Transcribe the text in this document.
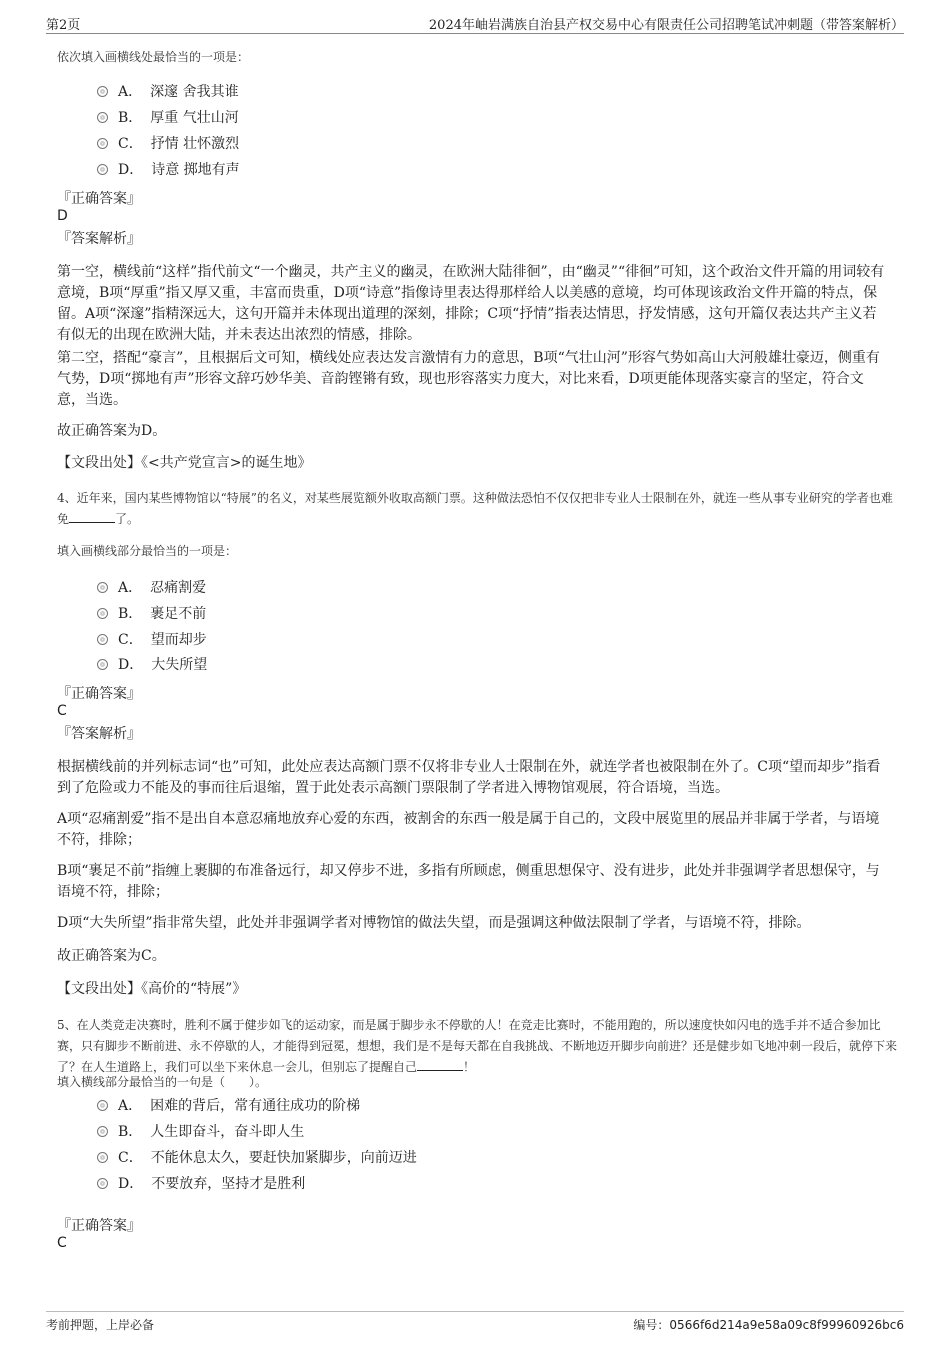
第2页	2024年岫岩满族自治县产权交易中心有限责任公司招聘笔试冲刺题（带答案解析）
依次填入画横线处最恰当的一项是：
A． 深邃 舍我其谁
B． 厚重 气壮山河
C． 抒情 壮怀激烈
D． 诗意 掷地有声
『正确答案』
D
『答案解析』
第一空，横线前“这样”指代前文“一个幽灵，共产主义的幽灵，在欧洲大陆徘徊”，由“幽灵”“徘徊”可知，这个政治文件开篇的用词较有意境，B项“厚重”指又厚又重，丰富而贵重，D项“诗意”指像诗里表达得那样给人以美感的意境，均可体现该政治文件开篇的特点，保留。A项“深邃”指精深远大，这句开篇并未体现出道理的深刻，排除；C项“抒情”指表达情思，抒发情感，这句开篇仅表达共产主义若有似无的出现在欧洲大陆，并未表达出浓烈的情感，排除。
第二空，搭配“豪言”，且根据后文可知，横线处应表达发言激情有力的意思，B项“气壮山河”形容气势如高山大河般雄壮豪迈，侧重有气势，D项“掷地有声”形容文辞巧妙华美、音韵铿锵有致，现也形容落实力度大，对比来看，D项更能体现落实豪言的坚定，符合文意，当选。
故正确答案为D。
【文段出处】《<共产党宣言>的诞生地》
4、近年来，国内某些博物馆以“特展”的名义，对某些展览额外收取高额门票。这种做法恐怕不仅仅把非专业人士限制在外，就连一些从事专业研究的学者也难免	了。
填入画横线部分最恰当的一项是：
A． 忍痛割爱
B． 裹足不前
C． 望而却步
D． 大失所望
『正确答案』
C
『答案解析』
根据横线前的并列标志词“也”可知，此处应表达高额门票不仅将非专业人士限制在外，就连学者也被限制在外了。C项“望而却步”指看到了危险或力不能及的事而往后退缩，置于此处表示高额门票限制了学者进入博物馆观展，符合语境，当选。
A项“忍痛割爱”指不是出自本意忍痛地放弃心爱的东西，被割舍的东西一般是属于自己的，文段中展览里的展品并非属于学者，与语境不符，排除；
B项“裹足不前”指缠上裹脚的布准备远行，却又停步不进，多指有所顾虑，侧重思想保守、没有进步，此处并非强调学者思想保守，与语境不符，排除；
D项“大失所望”指非常失望，此处并非强调学者对博物馆的做法失望，而是强调这种做法限制了学者，与语境不符，排除。
故正确答案为C。
【文段出处】《高价的“特展”》
5、在人类竞走决赛时，胜利不属于健步如飞的运动家，而是属于脚步永不停歇的人！在竞走比赛时，不能用跑的，所以速度快如闪电的选手并不适合参加比赛，只有脚步不断前进、永不停歇的人，才能得到冠冕，想想，我们是不是每天都在自我挑战、不断地迈开脚步向前进？还是健步如飞地冲刺一段后，就停下来了？在人生道路上，我们可以坐下来休息一会儿，但别忘了提醒自己	！
填入横线部分最恰当的一句是（　　）。
A． 困难的背后，常有通往成功的阶梯
B． 人生即奋斗，奋斗即人生
C． 不能休息太久，要赶快加紧脚步，向前迈进
D． 不要放弃，坚持才是胜利
『正确答案』
C
考前押题，上岸必备	编号：0566f6d214a9e58a09c8f99960926bc6
